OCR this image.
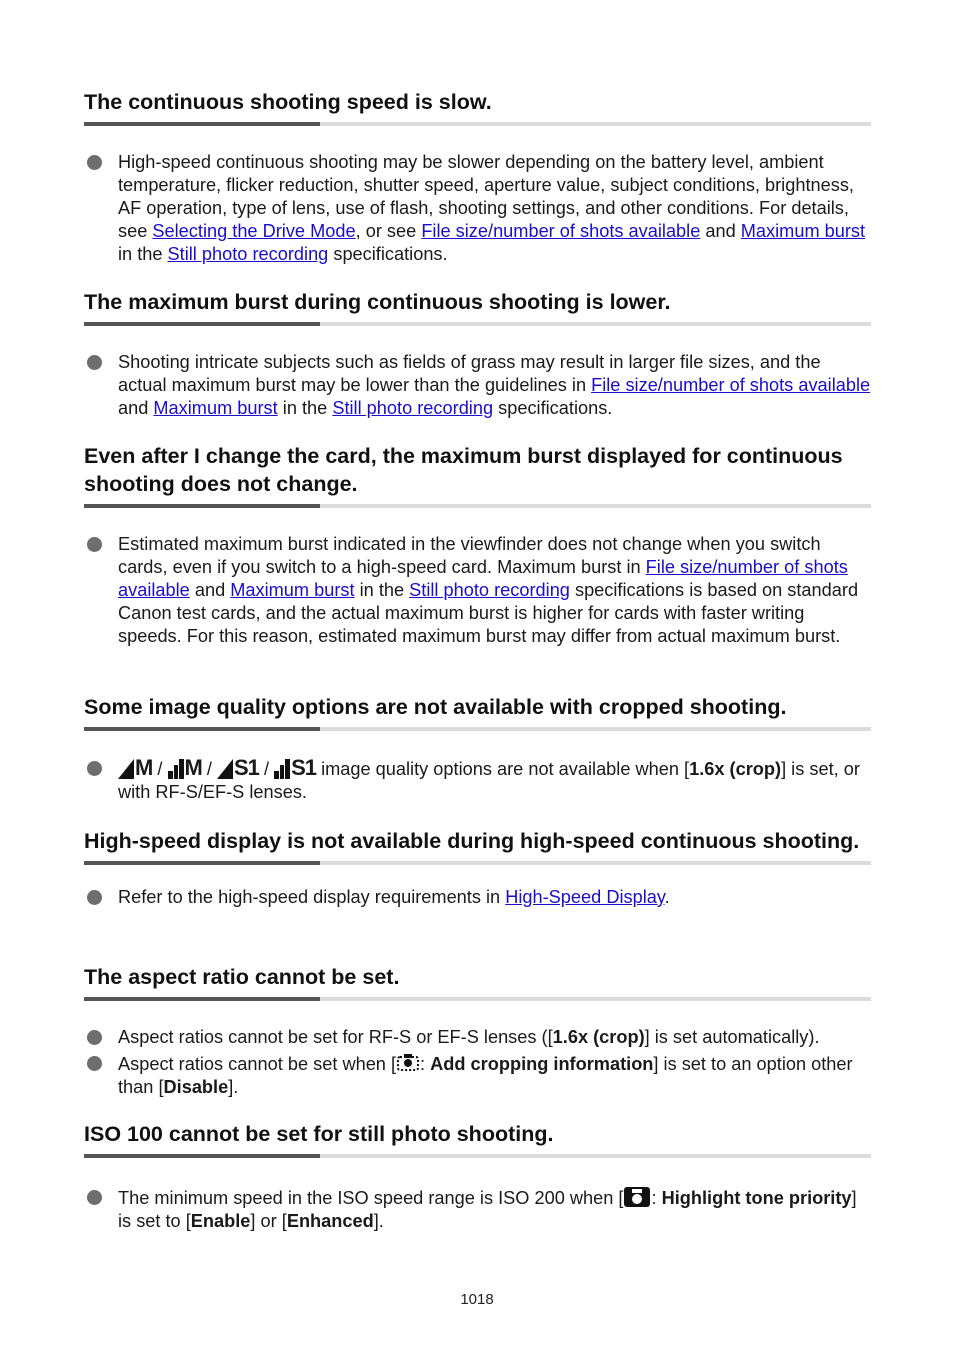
The continuous shooting speed is slow.
High-speed continuous shooting may be slower depending on the battery level, ambient temperature, flicker reduction, shutter speed, aperture value, subject conditions, brightness, AF operation, type of lens, use of flash, shooting settings, and other conditions. For details, see Selecting the Drive Mode, or see File size/number of shots available and Maximum burst in the Still photo recording specifications.
The maximum burst during continuous shooting is lower.
Shooting intricate subjects such as fields of grass may result in larger file sizes, and the actual maximum burst may be lower than the guidelines in File size/number of shots available and Maximum burst in the Still photo recording specifications.
Even after I change the card, the maximum burst displayed for continuous shooting does not change.
Estimated maximum burst indicated in the viewfinder does not change when you switch cards, even if you switch to a high-speed card. Maximum burst in File size/number of shots available and Maximum burst in the Still photo recording specifications is based on standard Canon test cards, and the actual maximum burst is higher for cards with faster writing speeds. For this reason, estimated maximum burst may differ from actual maximum burst.
Some image quality options are not available with cropped shooting.
M / M / S1 / S1 image quality options are not available when [1.6x (crop)] is set, or with RF-S/EF-S lenses.
High-speed display is not available during high-speed continuous shooting.
Refer to the high-speed display requirements in High-Speed Display.
The aspect ratio cannot be set.
Aspect ratios cannot be set for RF-S or EF-S lenses ([1.6x (crop)] is set automatically).
Aspect ratios cannot be set when [ : Add cropping information] is set to an option other than [Disable].
ISO 100 cannot be set for still photo shooting.
The minimum speed in the ISO speed range is ISO 200 when [ : Highlight tone priority] is set to [Enable] or [Enhanced].
1018
